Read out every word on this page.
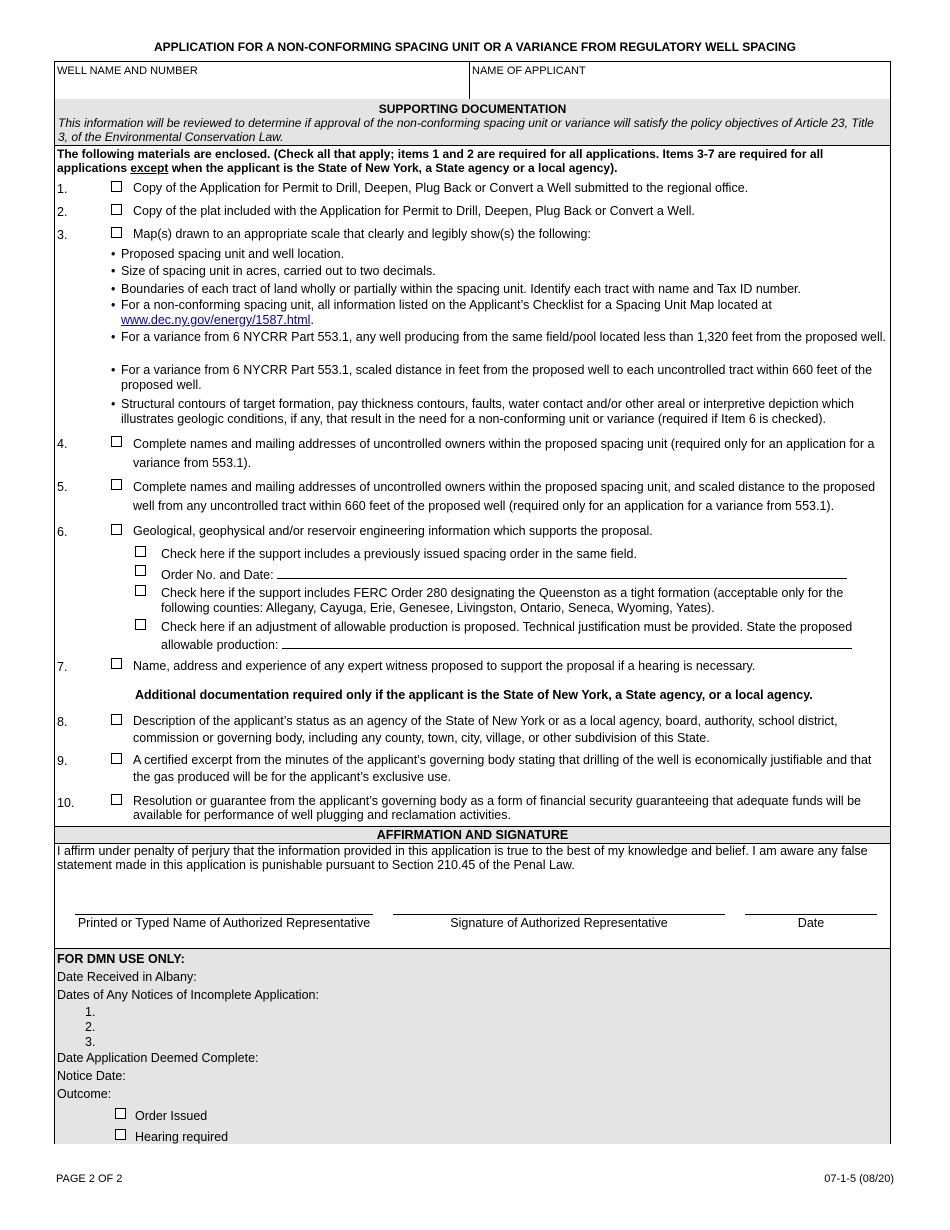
APPLICATION FOR A NON-CONFORMING SPACING UNIT OR A VARIANCE FROM REGULATORY WELL SPACING
WELL NAME AND NUMBER	NAME OF APPLICANT
SUPPORTING DOCUMENTATION
This information will be reviewed to determine if approval of the non-conforming spacing unit or variance will satisfy the policy objectives of Article 23, Title 3, of the Environmental Conservation Law.
The following materials are enclosed. (Check all that apply; items 1 and 2 are required for all applications. Items 3-7 are required for all applications except when the applicant is the State of New York, a State agency or a local agency).
1.	Copy of the Application for Permit to Drill, Deepen, Plug Back or Convert a Well submitted to the regional office.
2.	Copy of the plat included with the Application for Permit to Drill, Deepen, Plug Back or Convert a Well.
3.	Map(s) drawn to an appropriate scale that clearly and legibly show(s) the following:
• Proposed spacing unit and well location.
• Size of spacing unit in acres, carried out to two decimals.
• Boundaries of each tract of land wholly or partially within the spacing unit. Identify each tract with name and Tax ID number.
• For a non-conforming spacing unit, all information listed on the Applicant’s Checklist for a Spacing Unit Map located at
www.dec.ny.gov/energy/1587.html.
• For a variance from 6 NYCRR Part 553.1, any well producing from the same field/pool located less than 1,320 feet from the proposed well.
• For a variance from 6 NYCRR Part 553.1, scaled distance in feet from the proposed well to each uncontrolled tract within 660 feet of the proposed well.
• Structural contours of target formation, pay thickness contours, faults, water contact and/or other areal or interpretive depiction which illustrates geologic conditions, if any, that result in the need for a non-conforming unit or variance (required if Item 6 is checked).
4.	Complete names and mailing addresses of uncontrolled owners within the proposed spacing unit (required only for an application for a variance from 553.1).
5.	Complete names and mailing addresses of uncontrolled owners within the proposed spacing unit, and scaled distance to the proposed well from any uncontrolled tract within 660 feet of the proposed well (required only for an application for a variance from 553.1).
6.	Geological, geophysical and/or reservoir engineering information which supports the proposal.
Check here if the support includes a previously issued spacing order in the same field.
Order No. and Date:
Check here if the support includes FERC Order 280 designating the Queenston as a tight formation (acceptable only for the following counties: Allegany, Cayuga, Erie, Genesee, Livingston, Ontario, Seneca, Wyoming, Yates).
Check here if an adjustment of allowable production is proposed. Technical justification must be provided. State the proposed
allowable production:
7.	Name, address and experience of any expert witness proposed to support the proposal if a hearing is necessary.
Additional documentation required only if the applicant is the State of New York, a State agency, or a local agency.
8.	Description of the applicant’s status as an agency of the State of New York or as a local agency, board, authority, school district, commission or governing body, including any county, town, city, village, or other subdivision of this State.
9.	A certified excerpt from the minutes of the applicant’s governing body stating that drilling of the well is economically justifiable and that the gas produced will be for the applicant’s exclusive use.
10.	Resolution or guarantee from the applicant’s governing body as a form of financial security guaranteeing that adequate funds will be available for performance of well plugging and reclamation activities.
AFFIRMATION AND SIGNATURE
I affirm under penalty of perjury that the information provided in this application is true to the best of my knowledge and belief. I am aware any false statement made in this application is punishable pursuant to Section 210.45 of the Penal Law.
Printed or Typed Name of Authorized Representative	Signature of Authorized Representative	Date
FOR DMN USE ONLY:
Date Received in Albany:
Dates of Any Notices of Incomplete Application:
1.
2.
3.
Date Application Deemed Complete:
Notice Date:
Outcome:
Order Issued
Hearing required
PAGE 2 OF 2	07-1-5 (08/20)
